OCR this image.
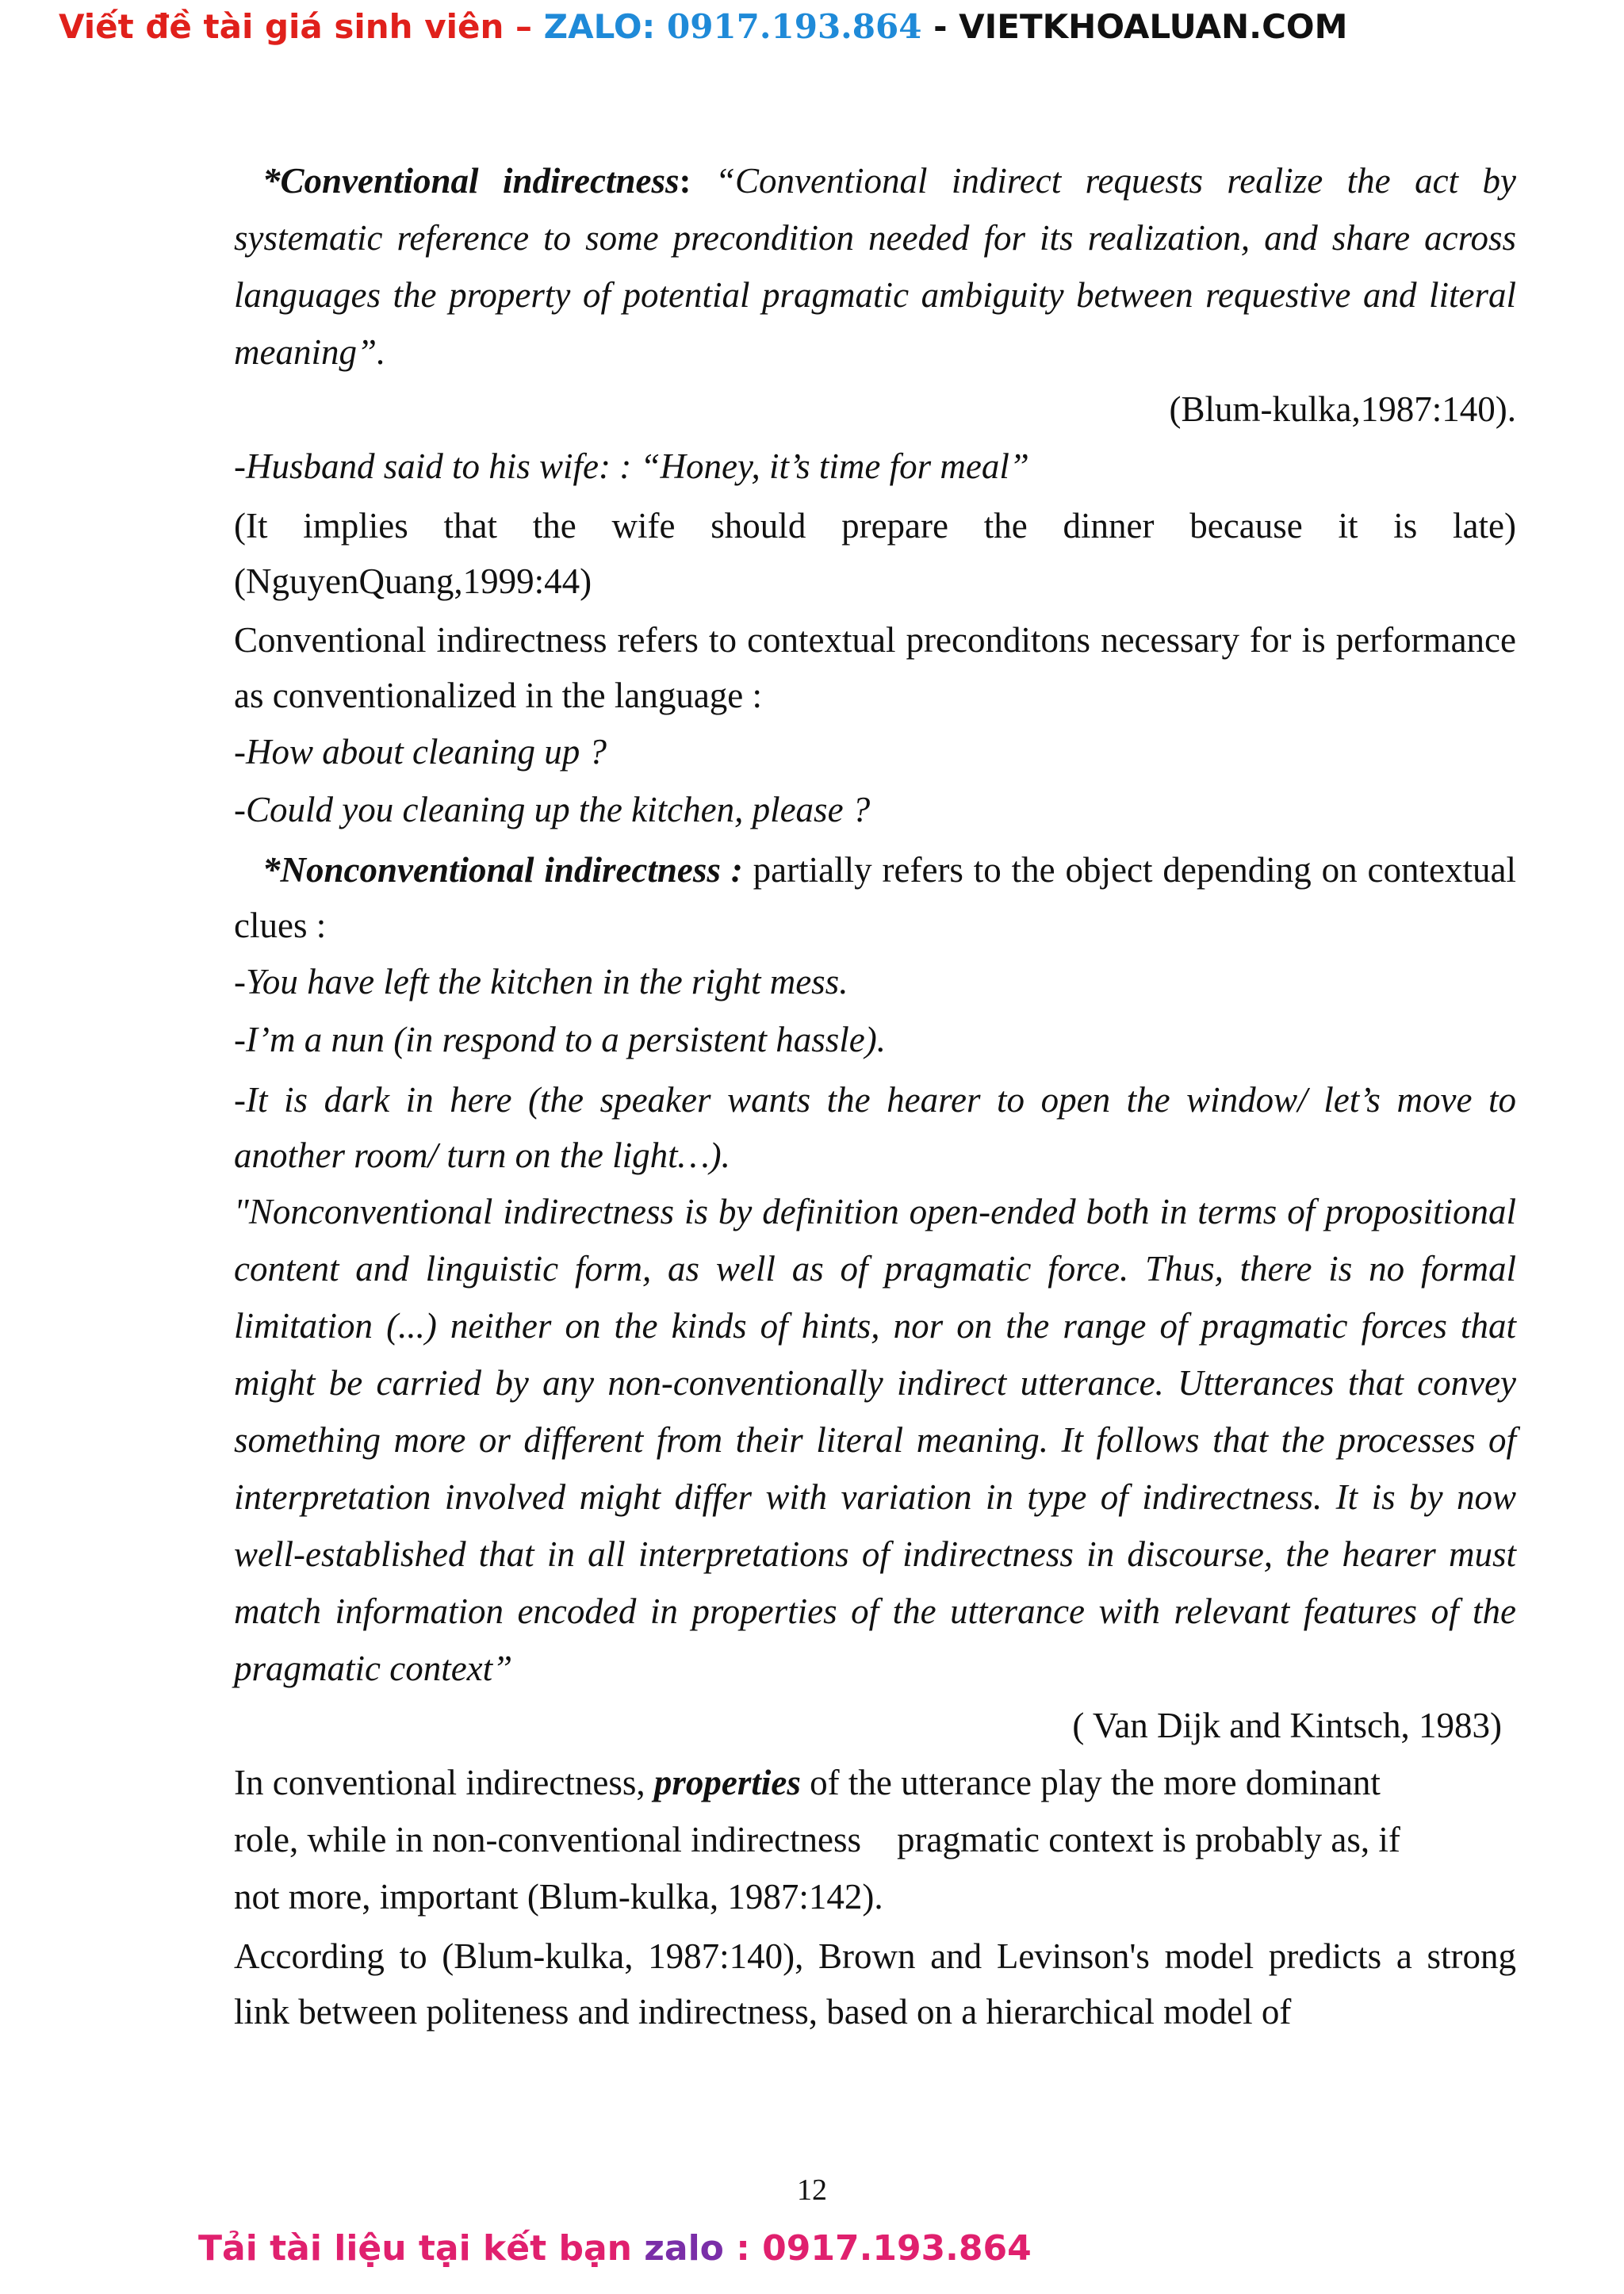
Viết đề tài giá sinh viên – ZALO: 0917.193.864 - VIETKHOALUAN.COM

*Conventional indirectness: “Conventional indirect requests realize the act by systematic reference to some precondition needed for its realization, and share across languages the property of potential pragmatic ambiguity between requestive and literal meaning”.

(Blum-kulka,1987:140).

-Husband said to his wife: : “Honey, it’s time for meal”

(It implies that the wife should prepare the dinner because it is late) (NguyenQuang,1999:44)

Conventional indirectness refers to contextual preconditons necessary for is performance as conventionalized in the language :

-How about cleaning up ?

-Could you cleaning up the kitchen, please ?

*Nonconventional indirectness : partially refers to the object depending on contextual clues :

-You have left the kitchen in the right mess.

-I’m a nun (in respond to a persistent hassle).

-It is dark in here (the speaker wants the hearer to open the window/ let’s move to another room/ turn on the light…).

"Nonconventional indirectness is by definition open-ended both in terms of propositional content and linguistic form, as well as of pragmatic force. Thus, there is no formal limitation (...) neither on the kinds of hints, nor on the range of pragmatic forces that might be carried by any non-conventionally indirect utterance. Utterances that convey something more or different from their literal meaning. It follows that the processes of interpretation involved might differ with variation in type of indirectness. It is by now well-established that in all interpretations of indirectness in discourse, the hearer must match information encoded in properties of the utterance with relevant features of the pragmatic context”

( Van Dijk and Kintsch, 1983)

In conventional indirectness, properties of the utterance play the more dominant
role, while in non-conventional indirectness    pragmatic context is probably as, if
not more, important (Blum-kulka, 1987:142).

According to (Blum-kulka, 1987:140), Brown and Levinson's model predicts a strong link between politeness and indirectness, based on a hierarchical model of

12
Tải tài liệu tại kết bạn zalo : 0917.193.864
